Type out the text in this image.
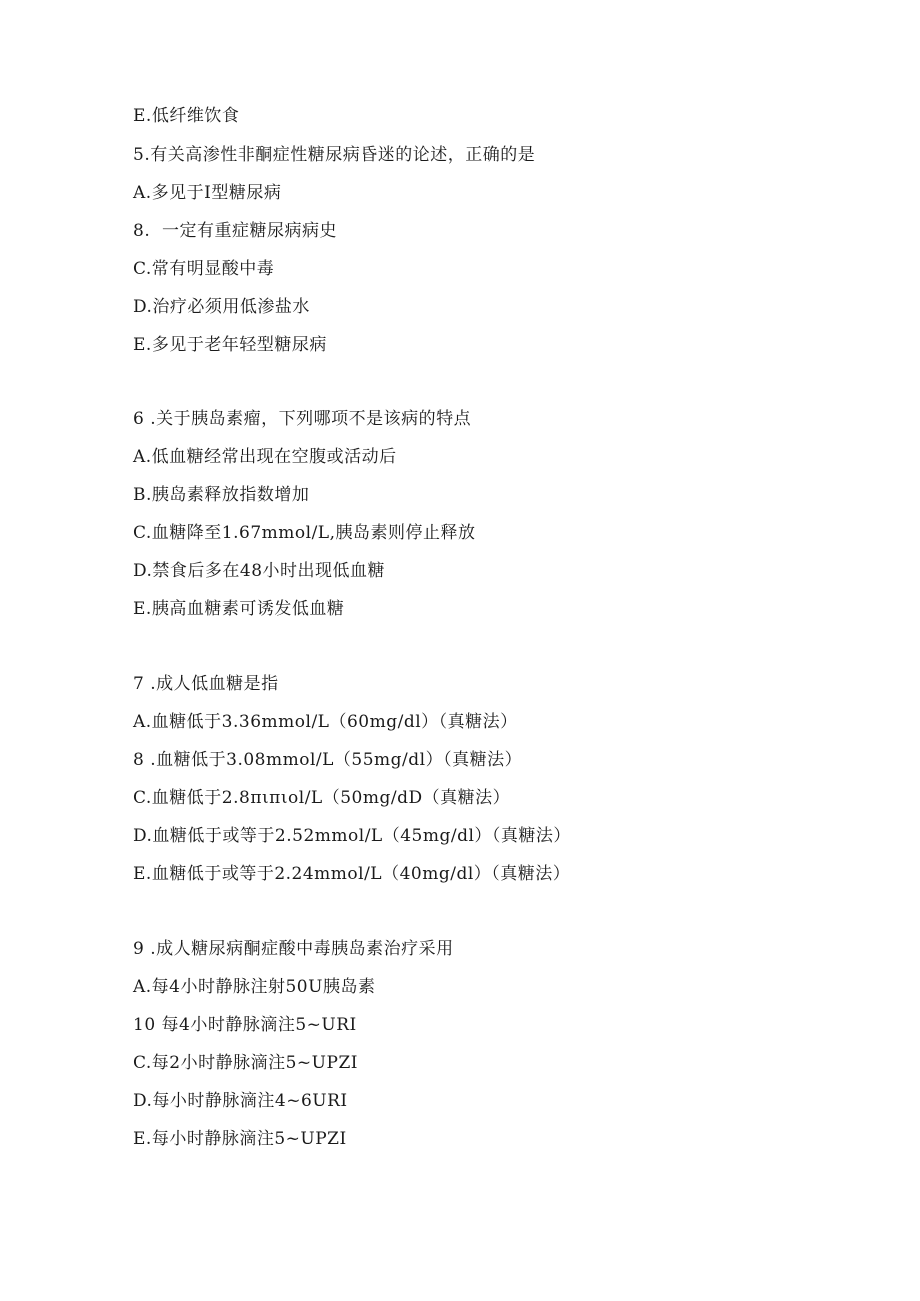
E.低纤维饮食
5.有关高渗性非酮症性糖尿病昏迷的论述，正确的是
A.多见于I型糖尿病
8.  一定有重症糖尿病病史
C.常有明显酸中毒
D.治疗必须用低渗盐水
E.多见于老年轻型糖尿病
6 .关于胰岛素瘤，下列哪项不是该病的特点
A.低血糖经常出现在空腹或活动后
B.胰岛素释放指数增加
C.血糖降至1.67mmol/L,胰岛素则停止释放
D.禁食后多在48小时出现低血糖
E.胰高血糖素可诱发低血糖
7 .成人低血糖是指
A.血糖低于3.36mmol/L（60mg/dl）（真糖法）
8 .血糖低于3.08mmol/L（55mg/dl）（真糖法）
C.血糖低于2.8πιπιol/L（50mg/dD（真糖法）
D.血糖低于或等于2.52mmol/L（45mg/dl）（真糖法）
E.血糖低于或等于2.24mmol/L（40mg/dl）（真糖法）
9 .成人糖尿病酮症酸中毒胰岛素治疗采用
A.每4小时静脉注射50U胰岛素
10 每4小时静脉滴注5~URI
C.每2小时静脉滴注5~UPZI
D.每小时静脉滴注4~6URI
E.每小时静脉滴注5~UPZI
